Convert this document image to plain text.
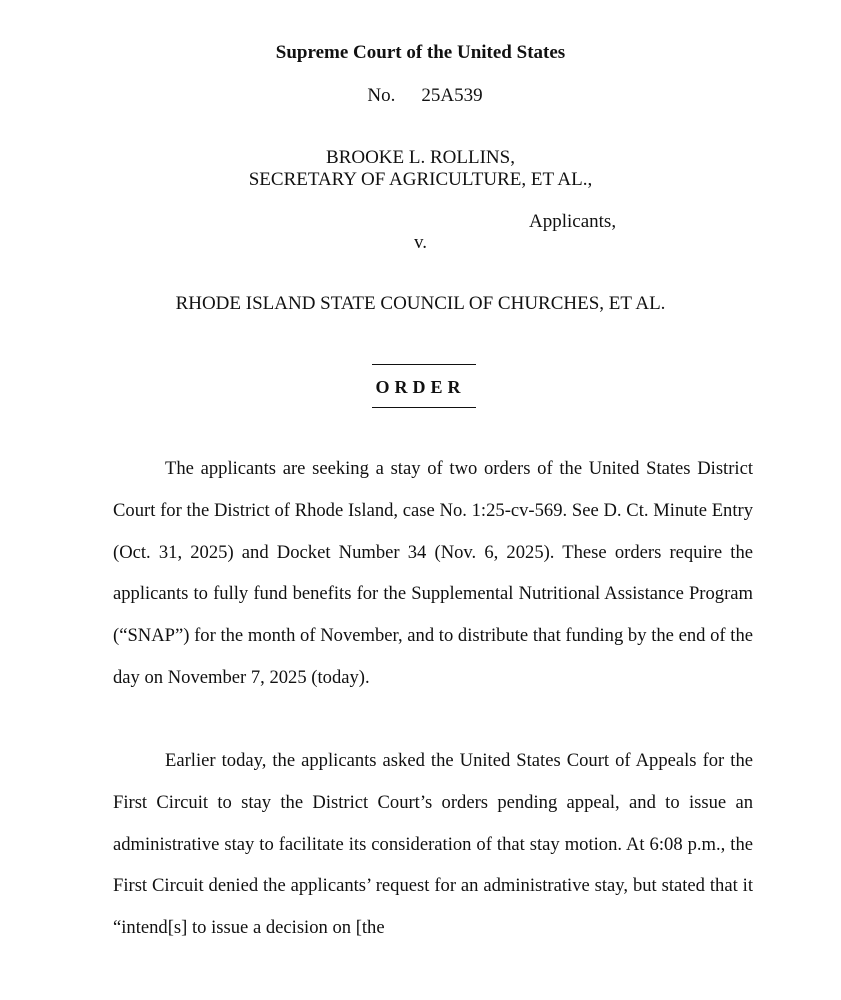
Supreme Court of the United States
No. 25A539
BROOKE L. ROLLINS,
SECRETARY OF AGRICULTURE, ET AL.,
Applicants,
v.
RHODE ISLAND STATE COUNCIL OF CHURCHES, ET AL.
ORDER

The applicants are seeking a stay of two orders of the United States District Court for the District of Rhode Island, case No. 1:25-cv-569. See D. Ct. Minute Entry (Oct. 31, 2025) and Docket Number 34 (Nov. 6, 2025). These orders require the applicants to fully fund benefits for the Supplemental Nutritional Assistance Program (“SNAP”) for the month of November, and to distribute that funding by the end of the day on November 7, 2025 (today).

Earlier today, the applicants asked the United States Court of Appeals for the First Circuit to stay the District Court’s orders pending appeal, and to issue an administrative stay to facilitate its consideration of that stay motion. At 6:08 p.m., the First Circuit denied the applicants’ request for an administrative stay, but stated that it “intend[s] to issue a decision on [the
